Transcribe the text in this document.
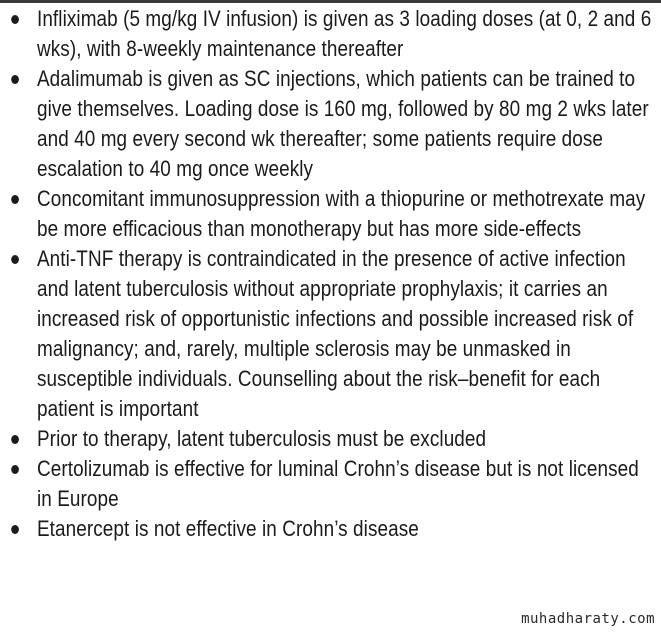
Infliximab (5 mg/kg IV infusion) is given as 3 loading doses (at 0, 2 and 6 wks), with 8-weekly maintenance thereafter
Adalimumab is given as SC injections, which patients can be trained to give themselves. Loading dose is 160 mg, followed by 80 mg 2 wks later and 40 mg every second wk thereafter; some patients require dose escalation to 40 mg once weekly
Concomitant immunosuppression with a thiopurine or methotrexate may be more efficacious than monotherapy but has more side-effects
Anti-TNF therapy is contraindicated in the presence of active infection and latent tuberculosis without appropriate prophylaxis; it carries an increased risk of opportunistic infections and possible increased risk of malignancy; and, rarely, multiple sclerosis may be unmasked in susceptible individuals. Counselling about the risk–benefit for each patient is important
Prior to therapy, latent tuberculosis must be excluded
Certolizumab is effective for luminal Crohn’s disease but is not licensed in Europe
Etanercept is not effective in Crohn’s disease
muhadharaty.com
